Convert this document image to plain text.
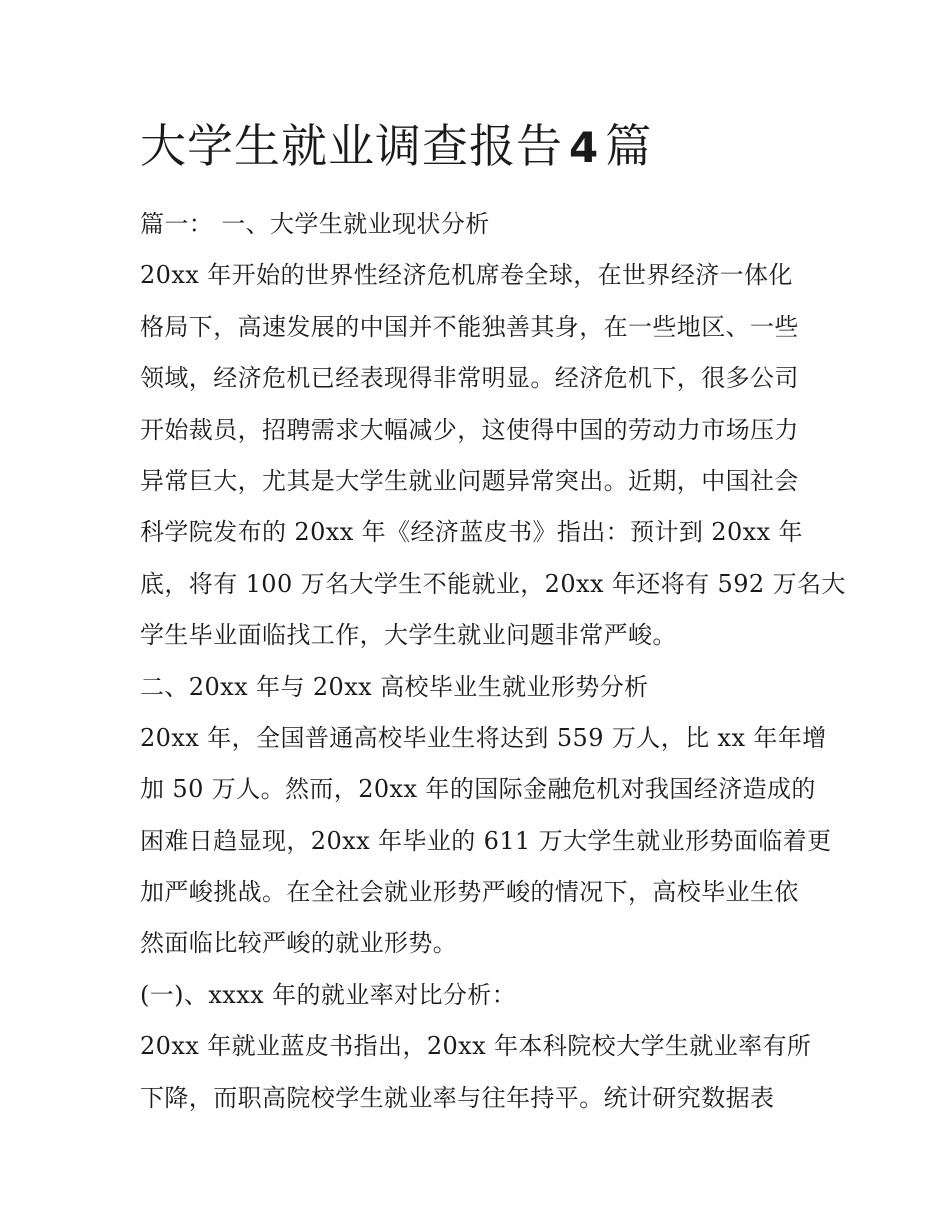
大学生就业调查报告 4 篇
篇一： 一、大学生就业现状分析
20xx 年开始的世界性经济危机席卷全球，在世界经济一体化
格局下，高速发展的中国并不能独善其身，在一些地区、一些
领域，经济危机已经表现得非常明显。经济危机下，很多公司
开始裁员，招聘需求大幅减少，这使得中国的劳动力市场压力
异常巨大，尤其是大学生就业问题异常突出。近期，中国社会
科学院发布的 20xx 年《经济蓝皮书》指出：预计到 20xx 年
底，将有 100 万名大学生不能就业，20xx 年还将有 592 万名大
学生毕业面临找工作，大学生就业问题非常严峻。
二、20xx 年与 20xx 高校毕业生就业形势分析
20xx 年，全国普通高校毕业生将达到 559 万人，比 xx 年年增
加 50 万人。然而，20xx 年的国际金融危机对我国经济造成的
困难日趋显现，20xx 年毕业的 611 万大学生就业形势面临着更
加严峻挑战。在全社会就业形势严峻的情况下，高校毕业生依
然面临比较严峻的就业形势。
(一)、xxxx 年的就业率对比分析：
20xx 年就业蓝皮书指出，20xx 年本科院校大学生就业率有所
下降，而职高院校学生就业率与往年持平。统计研究数据表
